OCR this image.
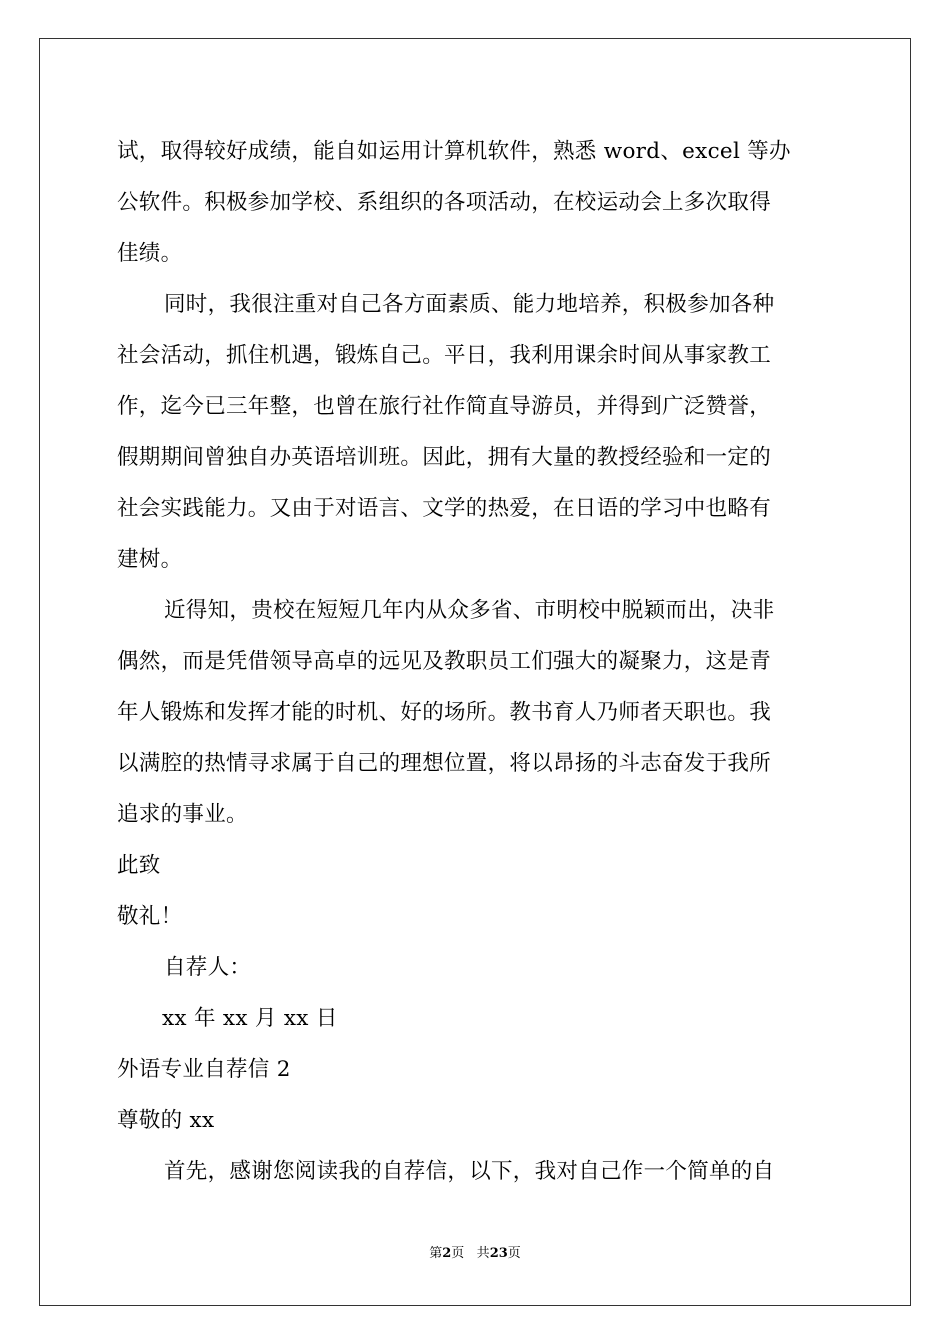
试，取得较好成绩，能自如运用计算机软件，熟悉 word、excel 等办
公软件。积极参加学校、系组织的各项活动，在校运动会上多次取得
佳绩。
同时，我很注重对自己各方面素质、能力地培养，积极参加各种
社会活动，抓住机遇，锻炼自己。平日，我利用课余时间从事家教工
作，迄今已三年整，也曾在旅行社作简直导游员，并得到广泛赞誉，
假期期间曾独自办英语培训班。因此，拥有大量的教授经验和一定的
社会实践能力。又由于对语言、文学的热爱，在日语的学习中也略有
建树。
近得知，贵校在短短几年内从众多省、市明校中脱颖而出，决非
偶然，而是凭借领导高卓的远见及教职员工们强大的凝聚力，这是青
年人锻炼和发挥才能的时机、好的场所。教书育人乃师者天职也。我
以满腔的热情寻求属于自己的理想位置，将以昂扬的斗志奋发于我所
追求的事业。
此致
敬礼！
自荐人：
xx 年 xx 月 xx 日
外语专业自荐信 2
尊敬的 xx
首先，感谢您阅读我的自荐信，以下，我对自己作一个简单的自
第2页 共23页
